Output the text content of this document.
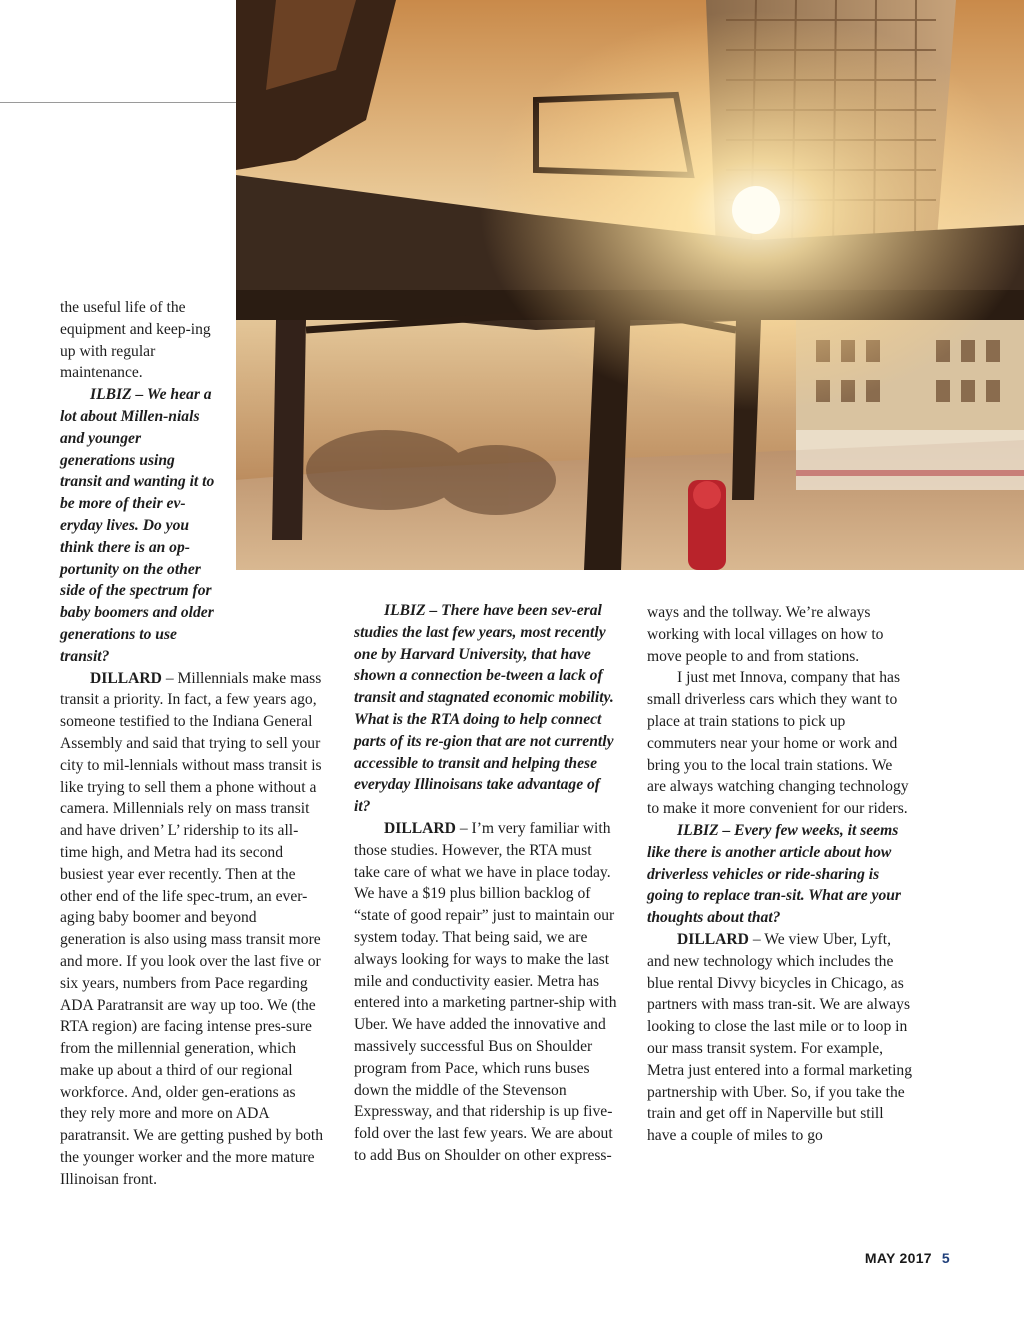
the useful life of the equipment and keep-ing up with regular maintenance.

ILBIZ – We hear a lot about Millen-nials and younger generations using transit and wanting it to be more of their ev-eryday lives. Do you think there is an op-portunity on the other side of the spectrum for baby boomers and older generations to use transit?

DILLARD – Millennials make mass transit a priority. In fact, a few years ago, someone testified to the Indiana General Assembly and said that trying to sell your city to mil-lennials without mass transit is like trying to sell them a phone without a camera. Millennials rely on mass transit and have driven’ L’ ridership to its all-time high, and Metra had its second busiest year ever recently. Then at the other end of the life spec-trum, an ever-aging baby boomer and beyond generation is also using mass transit more and more. If you look over the last five or six years, numbers from Pace regarding ADA Paratransit are way up too. We (the RTA region) are facing intense pres-sure from the millennial generation, which make up about a third of our regional workforce. And, older gen-erations as they rely more and more on ADA paratransit. We are getting pushed by both the younger worker and the more mature Illinoisan front.

ILBIZ – There have been sev-eral studies the last few years, most recently one by Harvard University, that have shown a connection be-tween a lack of transit and stagnated economic mobility. What is the RTA doing to help connect parts of its re-gion that are not currently accessible to transit and helping these everyday Illinoisans take advantage of it?

DILLARD – I’m very familiar with those studies. However, the RTA must take care of what we have in place today. We have a $19 plus billion backlog of “state of good repair” just to maintain our system today. That being said, we are always looking for ways to make the last mile and conductivity easier. Metra has entered into a marketing partner-ship with Uber. We have added the innovative and massively successful Bus on Shoulder program from Pace, which runs buses down the middle of the Stevenson Expressway, and that ridership is up five-fold over the last few years. We are about to add Bus on Shoulder on other express-

ways and the tollway. We’re always working with local villages on how to move people to and from stations.

I just met Innova, company that has small driverless cars which they want to place at train stations to pick up commuters near your home or work and bring you to the local train stations. We are always watching changing technology to make it more convenient for our riders.

ILBIZ – Every few weeks, it seems like there is another article about how driverless vehicles or ride-sharing is going to replace tran-sit. What are your thoughts about that?

DILLARD – We view Uber, Lyft, and new technology which includes the blue rental Divvy bicycles in Chicago, as partners with mass tran-sit. We are always looking to close the last mile or to loop in our mass transit system. For example, Metra just entered into a formal marketing partnership with Uber. So, if you take the train and get off in Naperville but still have a couple of miles to go

MAY 2017 5
